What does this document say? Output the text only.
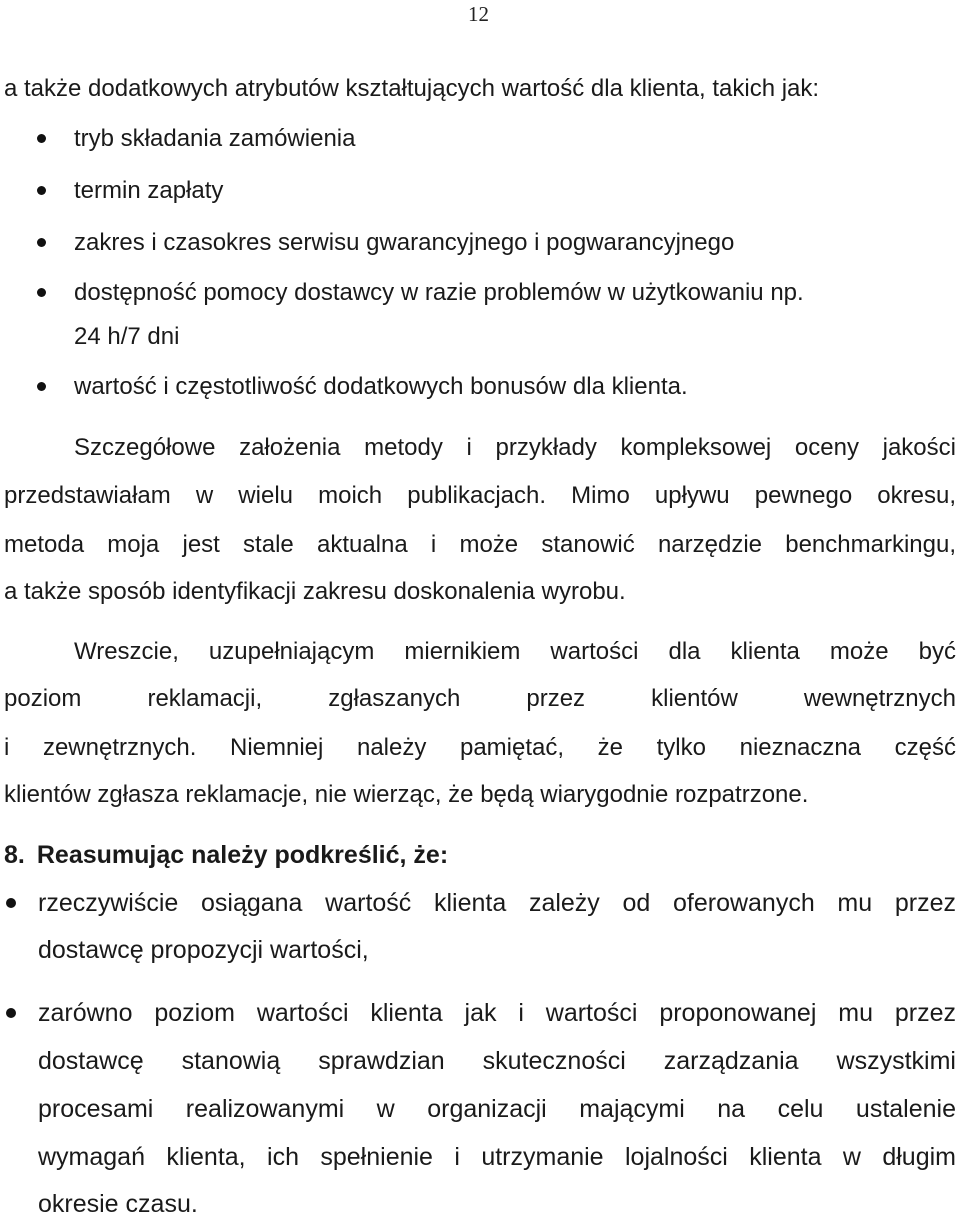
12
a także dodatkowych atrybutów kształtujących wartość dla klienta, takich jak:
tryb składania zamówienia
termin zapłaty
zakres i czasokres serwisu gwarancyjnego i pogwarancyjnego
dostępność pomocy dostawcy w razie problemów w użytkowaniu np.
24 h/7 dni
wartość i częstotliwość dodatkowych bonusów dla klienta.
Szczegółowe założenia metody i przykłady kompleksowej oceny jakości
przedstawiałam w wielu moich publikacjach. Mimo upływu pewnego okresu,
metoda moja jest stale aktualna i może stanowić narzędzie benchmarkingu,
a także sposób identyfikacji zakresu doskonalenia wyrobu.
Wreszcie, uzupełniającym miernikiem wartości dla klienta może być
poziom reklamacji, zgłaszanych przez klientów wewnętrznych
i zewnętrznych. Niemniej należy pamiętać, że tylko nieznaczna część
klientów zgłasza reklamacje, nie wierząc, że będą wiarygodnie rozpatrzone.
8. Reasumując należy podkreślić, że:
rzeczywiście osiągana wartość klienta zależy od oferowanych mu przez
dostawcę propozycji wartości,
zarówno poziom wartości klienta jak i wartości proponowanej mu przez
dostawcę stanowią sprawdzian skuteczności zarządzania wszystkimi
procesami realizowanymi w organizacji mającymi na celu ustalenie
wymagań klienta, ich spełnienie i utrzymanie lojalności klienta w długim
okresie czasu.
